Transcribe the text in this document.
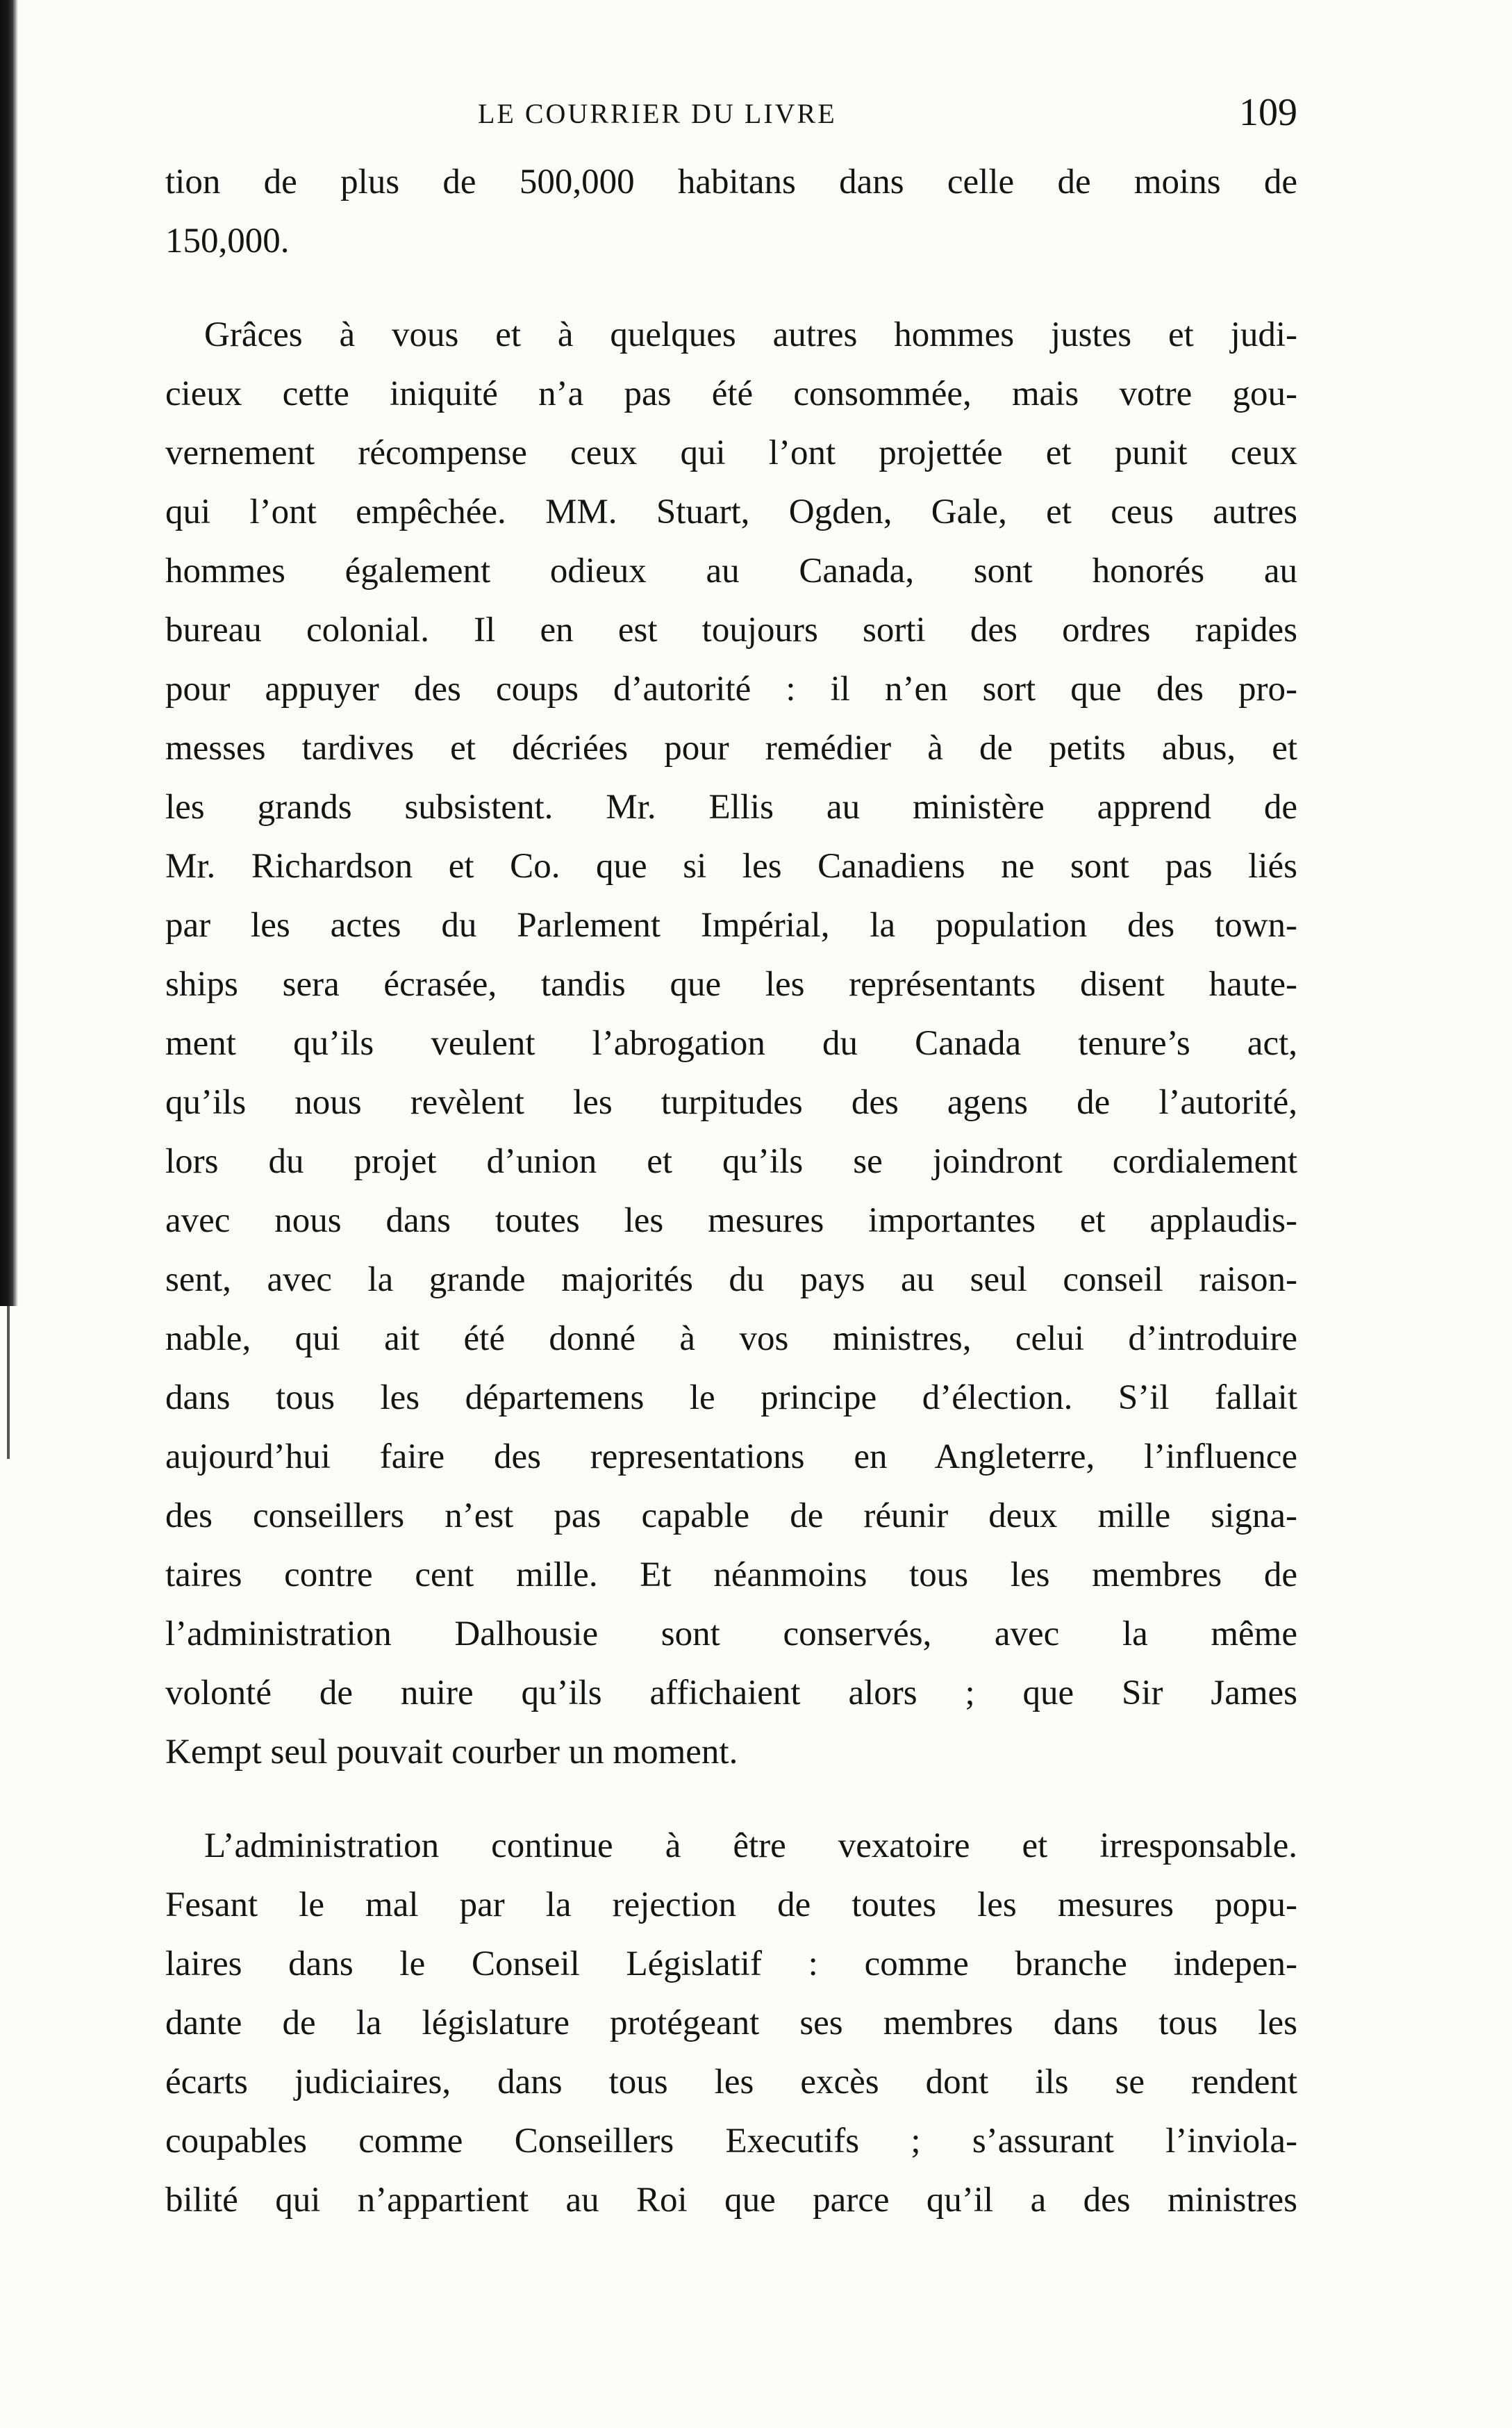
LE COURRIER DU LIVRE	109
tion de plus de 500,000 habitans dans celle de moins de
150,000.
Grâces à vous et à quelques autres hommes justes et judi-
cieux cette iniquité n’a pas été consommée, mais votre gou-
vernement récompense ceux qui l’ont projettée et punit ceux
qui l’ont empêchée. MM. Stuart, Ogden, Gale, et ceus autres
hommes également odieux au Canada, sont honorés au
bureau colonial. Il en est toujours sorti des ordres rapides
pour appuyer des coups d’autorité : il n’en sort que des pro-
messes tardives et décriées pour remédier à de petits abus, et
les grands subsistent. Mr. Ellis au ministère apprend de
Mr. Richardson et Co. que si les Canadiens ne sont pas liés
par les actes du Parlement Impérial, la population des town-
ships sera écrasée, tandis que les représentants disent haute-
ment qu’ils veulent l’abrogation du Canada tenure’s act,
qu’ils nous revèlent les turpitudes des agens de l’autorité,
lors du projet d’union et qu’ils se joindront cordialement
avec nous dans toutes les mesures importantes et applaudis-
sent, avec la grande majorités du pays au seul conseil raison-
nable, qui ait été donné à vos ministres, celui d’introduire
dans tous les départemens le principe d’élection. S’il fallait
aujourd’hui faire des representations en Angleterre, l’influence
des conseillers n’est pas capable de réunir deux mille signa-
taires contre cent mille. Et néanmoins tous les membres de
l’administration Dalhousie sont conservés, avec la même
volonté de nuire qu’ils affichaient alors ; que Sir James
Kempt seul pouvait courber un moment.
L’administration continue à être vexatoire et irresponsable.
Fesant le mal par la rejection de toutes les mesures popu-
laires dans le Conseil Législatif : comme branche indepen-
dante de la législature protégeant ses membres dans tous les
écarts judiciaires, dans tous les excès dont ils se rendent
coupables comme Conseillers Executifs ; s’assurant l’inviola-
bilité qui n’appartient au Roi que parce qu’il a des ministres
